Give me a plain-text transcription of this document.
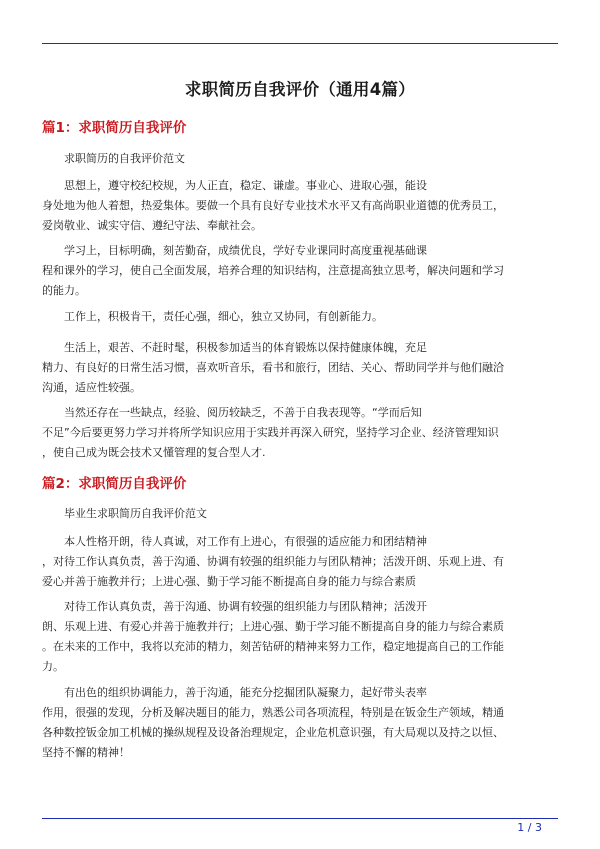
求职简历自我评价（通用4篇）
篇1：求职简历自我评价

求职简历的自我评价范文

思想上，遵守校纪校规，为人正直，稳定、谦虚。事业心、进取心强，能设
身处地为他人着想，热爱集体。要做一个具有良好专业技术水平又有高尚职业道德的优秀员工，
爱岗敬业、诚实守信、遵纪守法、奉献社会。
学习上，目标明确，刻苦勤奋，成绩优良，学好专业课同时高度重视基础课
程和课外的学习，使自己全面发展，培养合理的知识结构，注意提高独立思考，解决问题和学习
的能力。
工作上，积极肯干，责任心强，细心，独立又协同，有创新能力。
生活上，艰苦、不赶时髦，积极参加适当的体育锻炼以保持健康体魄，充足
精力、有良好的日常生活习惯，喜欢听音乐，看书和旅行，团结、关心、帮助同学并与他们融洽
沟通，适应性较强。
当然还存在一些缺点，经验、阅历较缺乏，不善于自我表现等。“学而后知
不足”今后要更努力学习并将所学知识应用于实践并再深入研究，坚持学习企业、经济管理知识
，使自己成为既会技术又懂管理的复合型人才.
篇2：求职简历自我评价

毕业生求职简历自我评价范文

本人性格开朗，待人真诚，对工作有上进心，有很强的适应能力和团结精神
，对待工作认真负责，善于沟通、协调有较强的组织能力与团队精神；活泼开朗、乐观上进、有
爱心并善于施教并行；上进心强、勤于学习能不断提高自身的能力与综合素质
对待工作认真负责，善于沟通、协调有较强的组织能力与团队精神；活泼开
朗、乐观上进、有爱心并善于施教并行；上进心强、勤于学习能不断提高自身的能力与综合素质
。在未来的工作中，我将以充沛的精力，刻苦钻研的精神来努力工作，稳定地提高自己的工作能
力。
有出色的组织协调能力，善于沟通，能充分挖掘团队凝聚力，起好带头表率
作用，很强的发现，分析及解决题目的能力，熟悉公司各项流程，特别是在钣金生产领域，精通
各种数控钣金加工机械的操纵规程及设备治理规定，企业危机意识强，有大局观以及持之以恒、
坚持不懈的精神！
1 / 3
